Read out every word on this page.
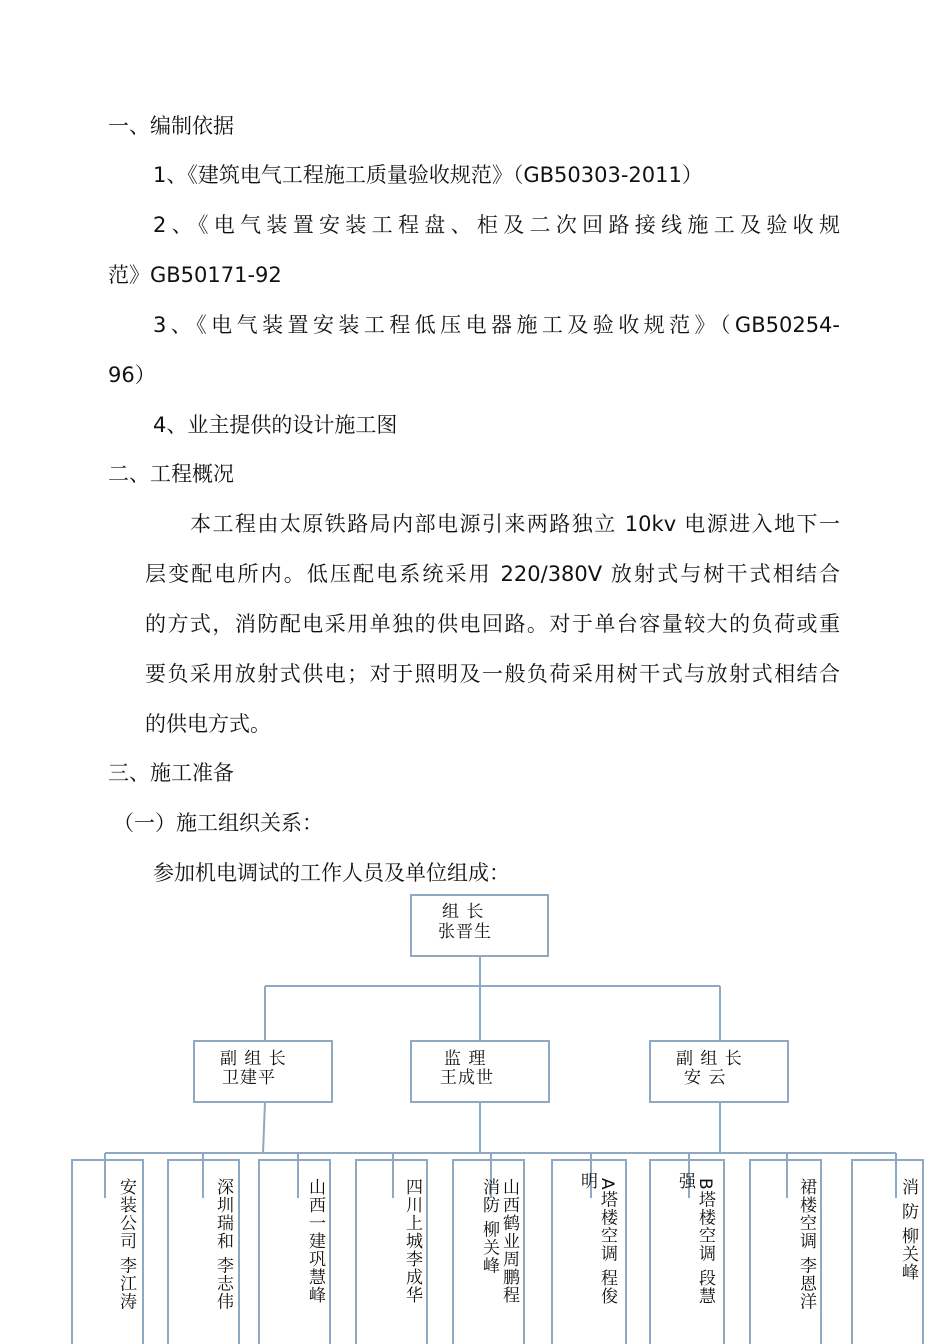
一、编制依据
1、《建筑电气工程施工质量验收规范》（GB50303-2011）
2、《电气装置安装工程盘、柜及二次回路接线施工及验收规
范》GB50171-92
3、《电气装置安装工程低压电器施工及验收规范》（GB50254-
96）
4、业主提供的设计施工图
二、工程概况
本工程由太原铁路局内部电源引来两路独立 10kv 电源进入地下一
层变配电所内。低压配电系统采用 220/380V 放射式与树干式相结合
的方式，消防配电采用单独的供电回路。对于单台容量较大的负荷或重
要负采用放射式供电；对于照明及一般负荷采用树干式与放射式相结合
的供电方式。
三、施工准备
（一）施工组织关系：
参加机电调试的工作人员及单位组成：
组 长
张晋生
副 组 长
卫建平
监 理
王成世
副 组 长
安 云
安装公司 李江涛	深圳瑞和 李志伟	山西一建巩慧峰	四川上城李成华	山西鹤业周鹏程
消防 柳关峰	A塔楼空调 程俊
明	B塔楼空调 段慧
强	裙楼空调 李恩洋	消 防 柳关峰
